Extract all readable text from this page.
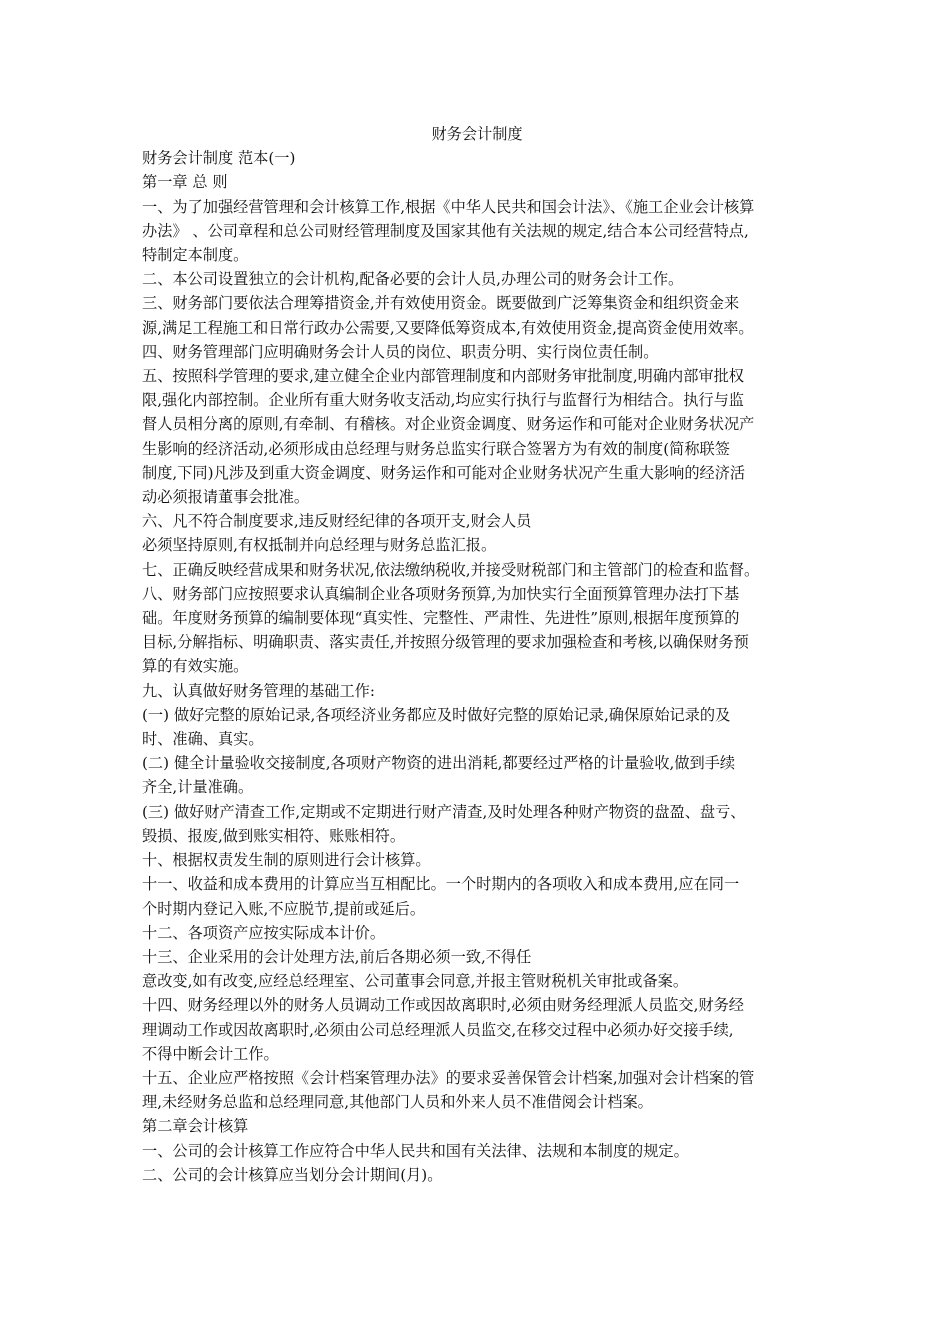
财务会计制度
财务会计制度 范本(一)
第一章 总 则
一、为了加强经营管理和会计核算工作,根据《中华人民共和国会计法》、《施工企业会计核算
办法》 、公司章程和总公司财经管理制度及国家其他有关法规的规定,结合本公司经营特点,
特制定本制度。
二、本公司设置独立的会计机构,配备必要的会计人员,办理公司的财务会计工作。
三、财务部门要依法合理筹措资金,并有效使用资金。既要做到广泛筹集资金和组织资金来
源,满足工程施工和日常行政办公需要,又要降低筹资成本,有效使用资金,提高资金使用效率。
四、财务管理部门应明确财务会计人员的岗位、职责分明、实行岗位责任制。
五、按照科学管理的要求,建立健全企业内部管理制度和内部财务审批制度,明确内部审批权
限,强化内部控制。企业所有重大财务收支活动,均应实行执行与监督行为相结合。执行与监
督人员相分离的原则,有牵制、有稽核。对企业资金调度、财务运作和可能对企业财务状况产
生影响的经济活动,必须形成由总经理与财务总监实行联合签署方为有效的制度(简称联签
制度,下同)凡涉及到重大资金调度、财务运作和可能对企业财务状况产生重大影响的经济活
动必须报请董事会批准。
六、凡不符合制度要求,违反财经纪律的各项开支,财会人员
必须坚持原则,有权抵制并向总经理与财务总监汇报。
七、正确反映经营成果和财务状况,依法缴纳税收,并接受财税部门和主管部门的检查和监督。
八、财务部门应按照要求认真编制企业各项财务预算,为加快实行全面预算管理办法打下基
础。年度财务预算的编制要体现“真实性、完整性、严肃性、先进性”原则,根据年度预算的
目标,分解指标、明确职责、落实责任,并按照分级管理的要求加强检查和考核,以确保财务预
算的有效实施。
九、认真做好财务管理的基础工作:
(一) 做好完整的原始记录,各项经济业务都应及时做好完整的原始记录,确保原始记录的及
时、准确、真实。
(二) 健全计量验收交接制度,各项财产物资的进出消耗,都要经过严格的计量验收,做到手续
齐全,计量准确。
(三) 做好财产清查工作,定期或不定期进行财产清查,及时处理各种财产物资的盘盈、盘亏、
毁损、报废,做到账实相符、账账相符。
十、根据权责发生制的原则进行会计核算。
十一、收益和成本费用的计算应当互相配比。一个时期内的各项收入和成本费用,应在同一
个时期内登记入账,不应脱节,提前或延后。
十二、各项资产应按实际成本计价。
十三、企业采用的会计处理方法,前后各期必须一致,不得任
意改变,如有改变,应经总经理室、公司董事会同意,并报主管财税机关审批或备案。
十四、财务经理以外的财务人员调动工作或因故离职时,必须由财务经理派人员监交,财务经
理调动工作或因故离职时,必须由公司总经理派人员监交,在移交过程中必须办好交接手续,
不得中断会计工作。
十五、企业应严格按照《会计档案管理办法》的要求妥善保管会计档案,加强对会计档案的管
理,未经财务总监和总经理同意,其他部门人员和外来人员不准借阅会计档案。
第二章会计核算
一、公司的会计核算工作应符合中华人民共和国有关法律、法规和本制度的规定。
二、公司的会计核算应当划分会计期间(月)。
